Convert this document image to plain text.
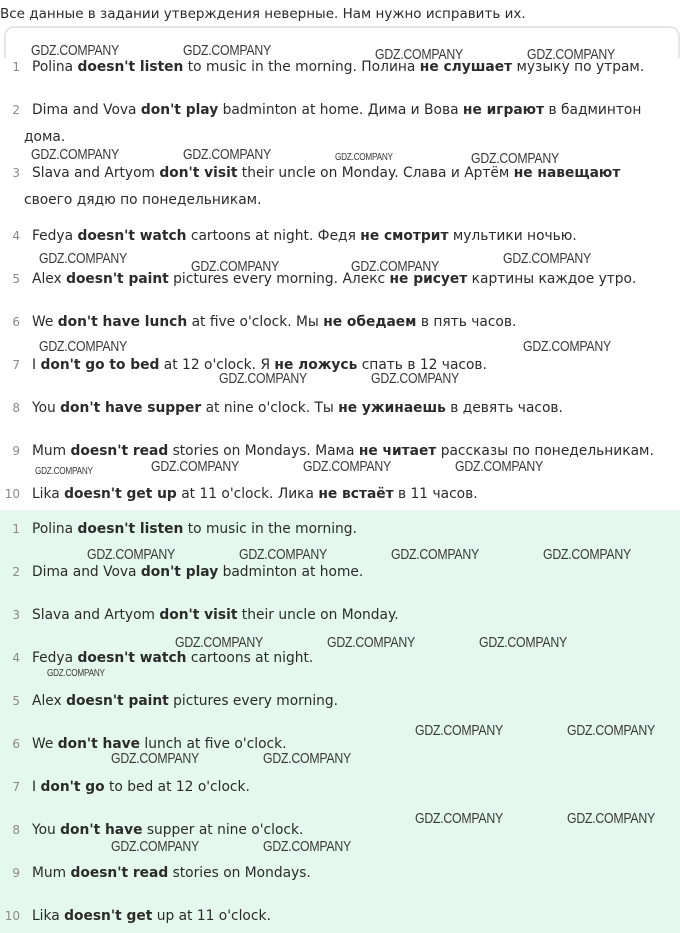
Все данные в задании утверждения неверные. Нам нужно исправить их.
1 Polina doesn't listen to music in the morning. Полина не слушает музыку по утрам.
2 Dima and Vova don't play badminton at home. Дима и Вова не играют в бадминтон дома.
3 Slava and Artyom don't visit their uncle on Monday. Слава и Артём не навещают своего дядю по понедельникам.
4 Fedya doesn't watch cartoons at night. Федя не смотрит мультики ночью.
5 Alex doesn't paint pictures every morning. Алекс не рисует картины каждое утро.
6 We don't have lunch at five o'clock. Мы не обедаем в пять часов.
7 I don't go to bed at 12 o'clock. Я не ложусь спать в 12 часов.
8 You don't have supper at nine o'clock. Ты не ужинаешь в девять часов.
9 Mum doesn't read stories on Mondays. Мама не читает рассказы по понедельникам.
10 Lika doesn't get up at 11 o'clock. Лика не встаёт в 11 часов.
1 Polina doesn't listen to music in the morning.
2 Dima and Vova don't play badminton at home.
3 Slava and Artyom don't visit their uncle on Monday.
4 Fedya doesn't watch cartoons at night.
5 Alex doesn't paint pictures every morning.
6 We don't have lunch at five o'clock.
7 I don't go to bed at 12 o'clock.
8 You don't have supper at nine o'clock.
9 Mum doesn't read stories on Mondays.
10 Lika doesn't get up at 11 o'clock.
GDZ.COMPANY	GDZ.COMPANY	GDZ.COMPANY	GDZ.COMPANY
GDZ.COMPANY	GDZ.COMPANY	GDZ.COMPANY	GDZ.COMPANY
GDZ.COMPANY	GDZ.COMPANY	GDZ.COMPANY	GDZ.COMPANY
GDZ.COMPANY	GDZ.COMPANY
GDZ.COMPANY	GDZ.COMPANY
GDZ.COMPANY	GDZ.COMPANY	GDZ.COMPANY	GDZ.COMPANY
GDZ.COMPANY	GDZ.COMPANY	GDZ.COMPANY	GDZ.COMPANY
GDZ.COMPANY	GDZ.COMPANY	GDZ.COMPANY
GDZ.COMPANY
GDZ.COMPANY	GDZ.COMPANY
GDZ.COMPANY	GDZ.COMPANY
GDZ.COMPANY	GDZ.COMPANY
GDZ.COMPANY	GDZ.COMPANY
